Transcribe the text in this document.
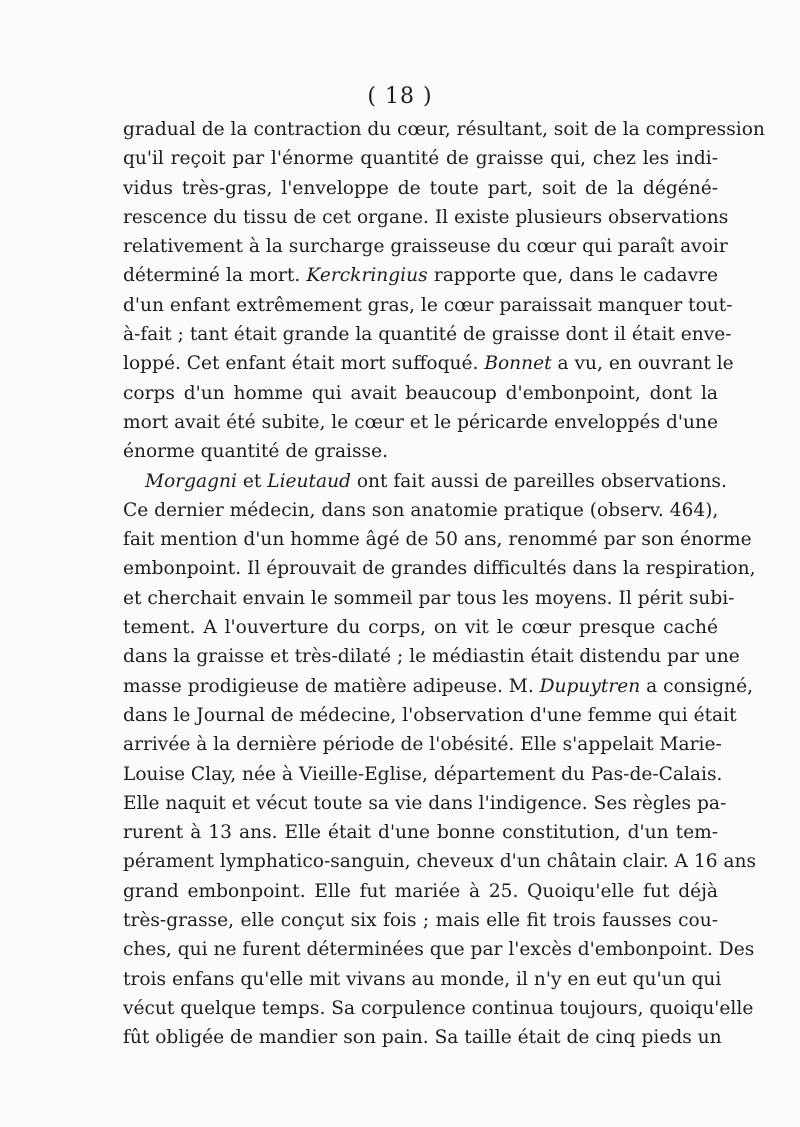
( 18 )
gradual de la contraction du cœur, résultant, soit de la compression
qu'il reçoit par l'énorme quantité de graisse qui, chez les indi-
vidus très-gras, l'enveloppe de toute part, soit de la dégéné-
rescence du tissu de cet organe. Il existe plusieurs observations
relativement à la surcharge graisseuse du cœur qui paraît avoir
déterminé la mort. Kerckringius rapporte que, dans le cadavre
d'un enfant extrêmement gras, le cœur paraissait manquer tout-
à-fait ; tant était grande la quantité de graisse dont il était enve-
loppé. Cet enfant était mort suffoqué. Bonnet a vu, en ouvrant le
corps d'un homme qui avait beaucoup d'embonpoint, dont la
mort avait été subite, le cœur et le péricarde enveloppés d'une
énorme quantité de graisse.
Morgagni et Lieutaud ont fait aussi de pareilles observations.
Ce dernier médecin, dans son anatomie pratique (observ. 464),
fait mention d'un homme âgé de 50 ans, renommé par son énorme
embonpoint. Il éprouvait de grandes difficultés dans la respiration,
et cherchait envain le sommeil par tous les moyens. Il périt subi-
tement. A l'ouverture du corps, on vit le cœur presque caché
dans la graisse et très-dilaté ; le médiastin était distendu par une
masse prodigieuse de matière adipeuse. M. Dupuytren a consigné,
dans le Journal de médecine, l'observation d'une femme qui était
arrivée à la dernière période de l'obésité. Elle s'appelait Marie-
Louise Clay, née à Vieille-Eglise, département du Pas-de-Calais.
Elle naquit et vécut toute sa vie dans l'indigence. Ses règles pa-
rurent à 13 ans. Elle était d'une bonne constitution, d'un tem-
pérament lymphatico-sanguin, cheveux d'un châtain clair. A 16 ans
grand embonpoint. Elle fut mariée à 25. Quoiqu'elle fut déjà
très-grasse, elle conçut six fois ; mais elle fit trois fausses cou-
ches, qui ne furent déterminées que par l'excès d'embonpoint. Des
trois enfans qu'elle mit vivans au monde, il n'y en eut qu'un qui
vécut quelque temps. Sa corpulence continua toujours, quoiqu'elle
fût obligée de mandier son pain. Sa taille était de cinq pieds un
